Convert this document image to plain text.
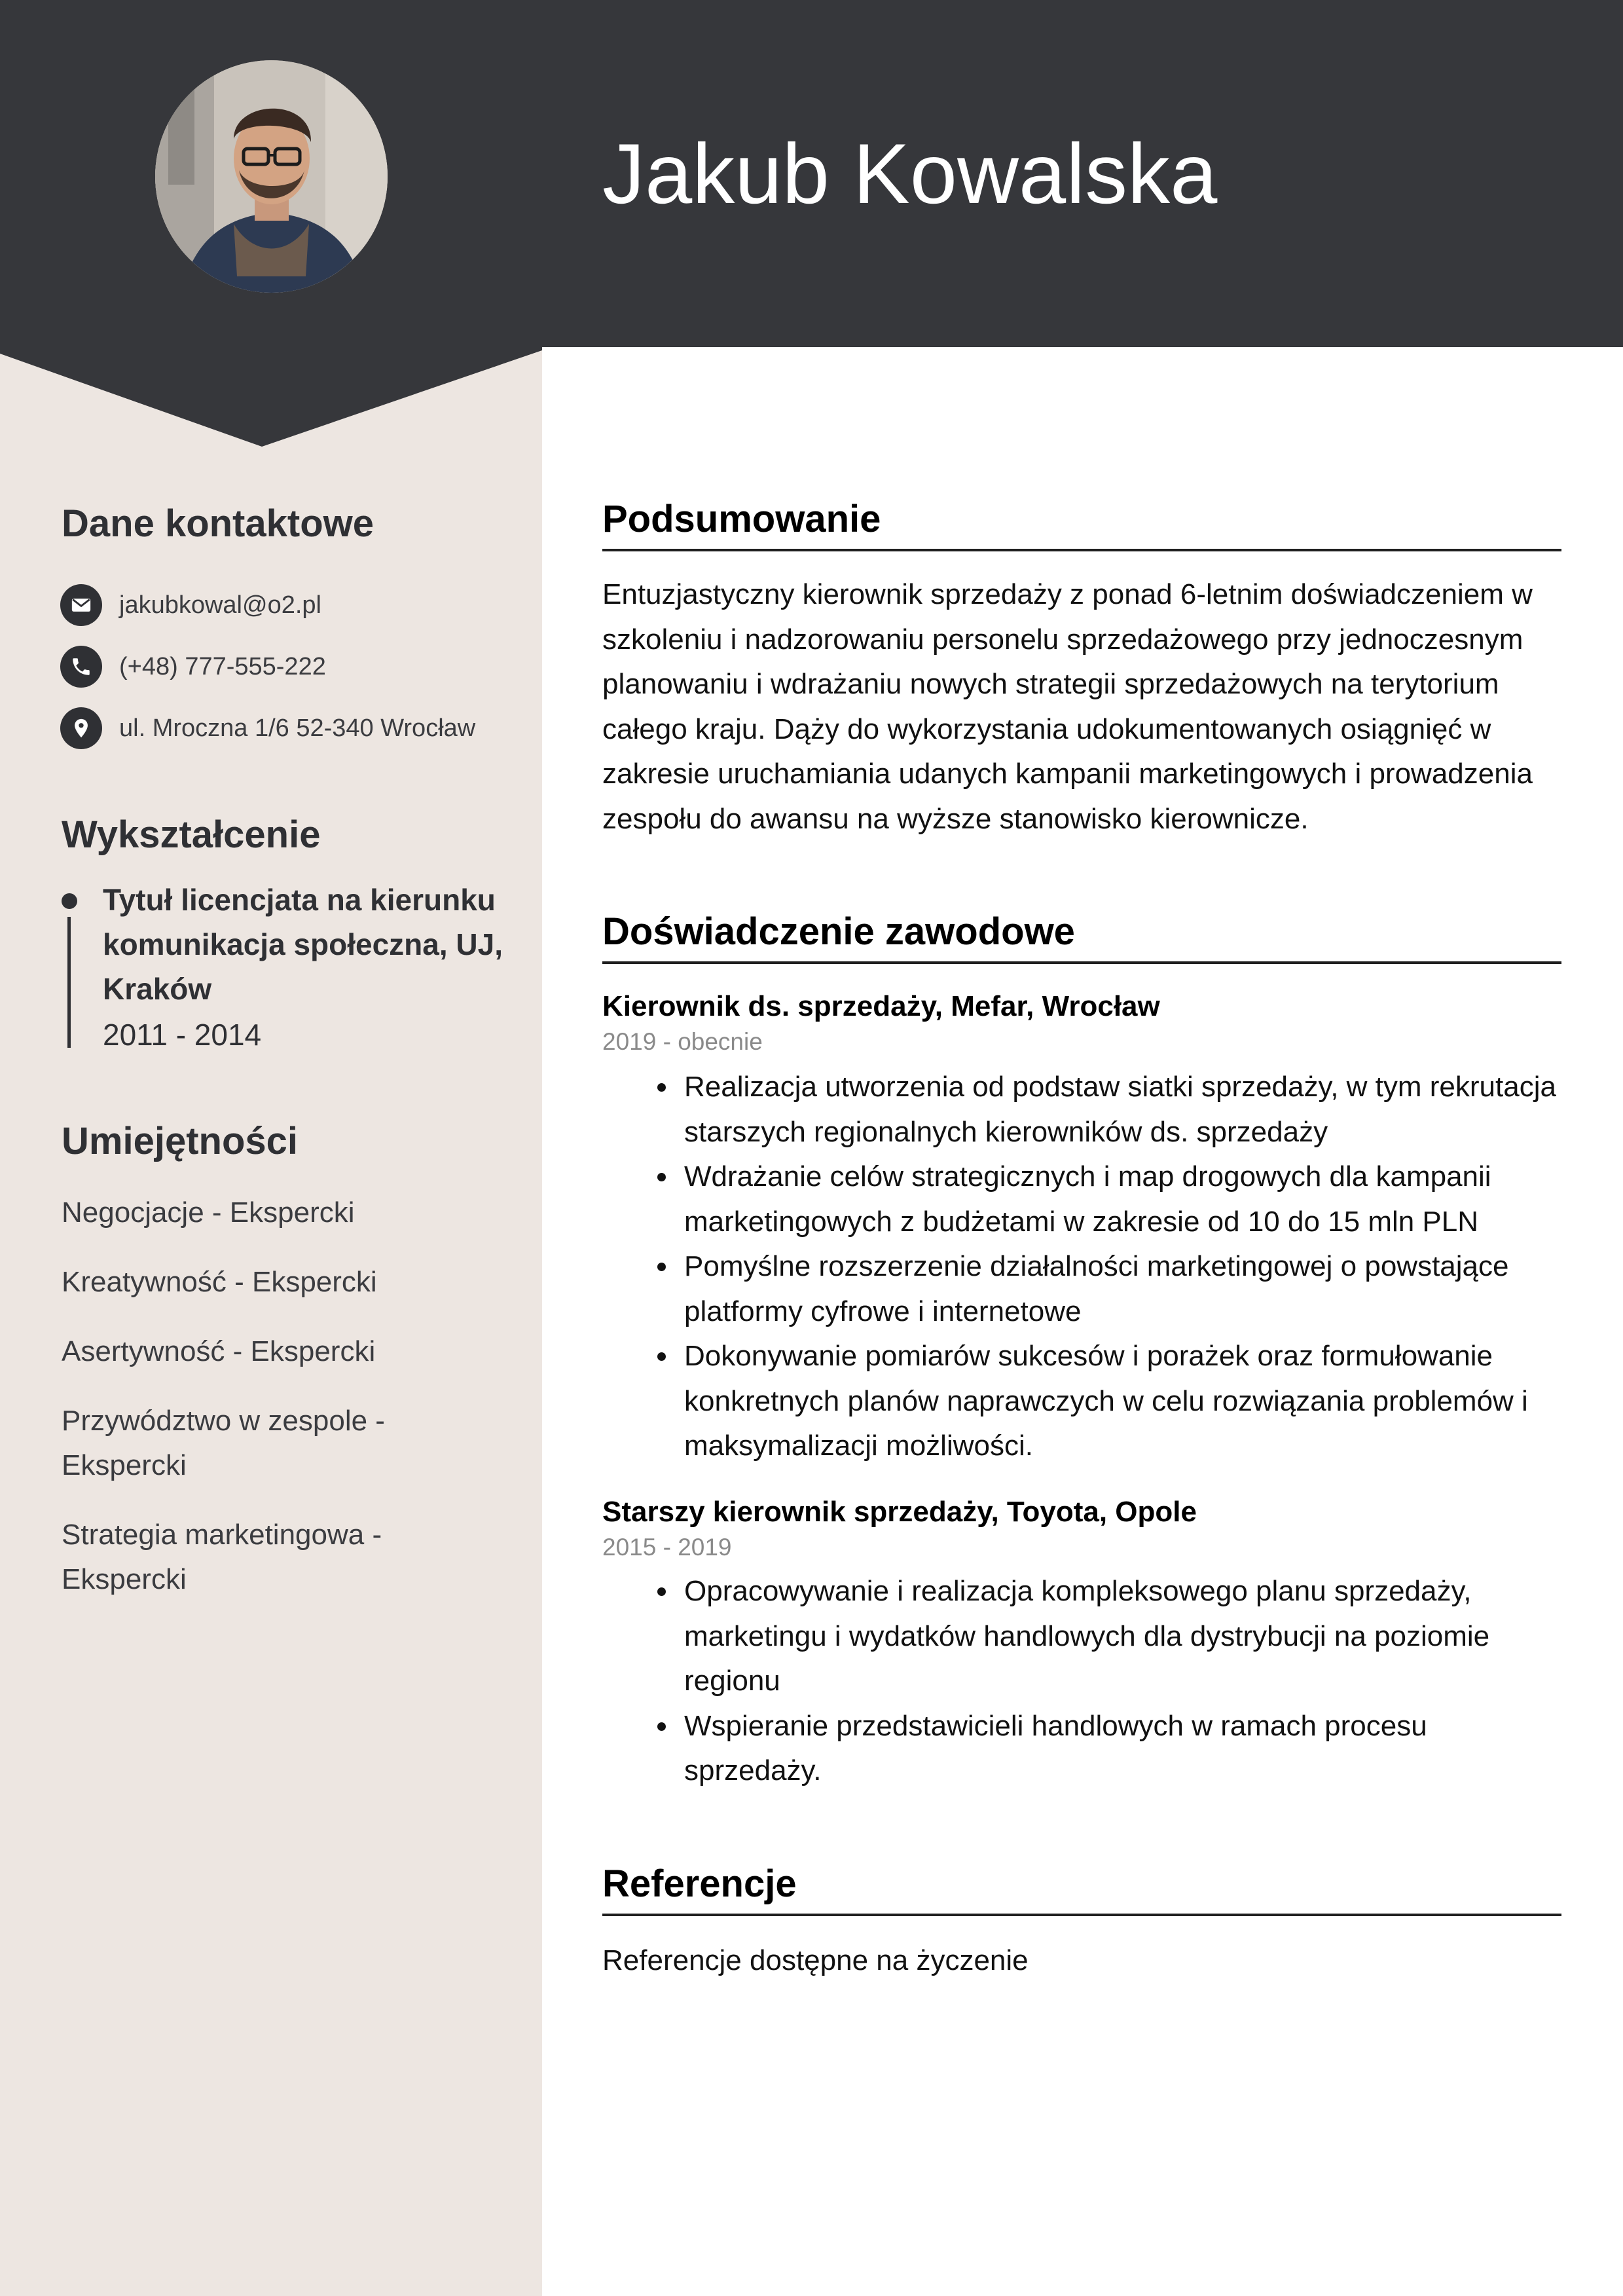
Jakub Kowalska
Dane kontaktowe
jakubkowal@o2.pl
(+48) 777-555-222
ul. Mroczna 1/6 52-340 Wrocław
Wykształcenie
Tytuł licencjata na kierunku komunikacja społeczna, UJ, Kraków
2011 - 2014
Umiejętności
Negocjacje - Ekspercki
Kreatywność - Ekspercki
Asertywność - Ekspercki
Przywództwo w zespole - Ekspercki
Strategia marketingowa - Ekspercki
Podsumowanie
Entuzjastyczny kierownik sprzedaży z ponad 6-letnim doświadczeniem w szkoleniu i nadzorowaniu personelu sprzedażowego przy jednoczesnym planowaniu i wdrażaniu nowych strategii sprzedażowych na terytorium całego kraju. Dąży do wykorzystania udokumentowanych osiągnięć w zakresie uruchamiania udanych kampanii marketingowych i prowadzenia zespołu do awansu na wyższe stanowisko kierownicze.
Doświadczenie zawodowe
Kierownik ds. sprzedaży, Mefar, Wrocław
2019 - obecnie
Realizacja utworzenia od podstaw siatki sprzedaży, w tym rekrutacja starszych regionalnych kierowników ds. sprzedaży
Wdrażanie celów strategicznych i map drogowych dla kampanii marketingowych z budżetami w zakresie od 10 do 15 mln PLN
Pomyślne rozszerzenie działalności marketingowej o powstające platformy cyfrowe i internetowe
Dokonywanie pomiarów sukcesów i porażek oraz formułowanie konkretnych planów naprawczych w celu rozwiązania problemów i maksymalizacji możliwości.
Starszy kierownik sprzedaży, Toyota, Opole
2015 - 2019
Opracowywanie i realizacja kompleksowego planu sprzedaży, marketingu i wydatków handlowych dla dystrybucji na poziomie regionu
Wspieranie przedstawicieli handlowych w ramach procesu sprzedaży.
Referencje
Referencje dostępne na życzenie
